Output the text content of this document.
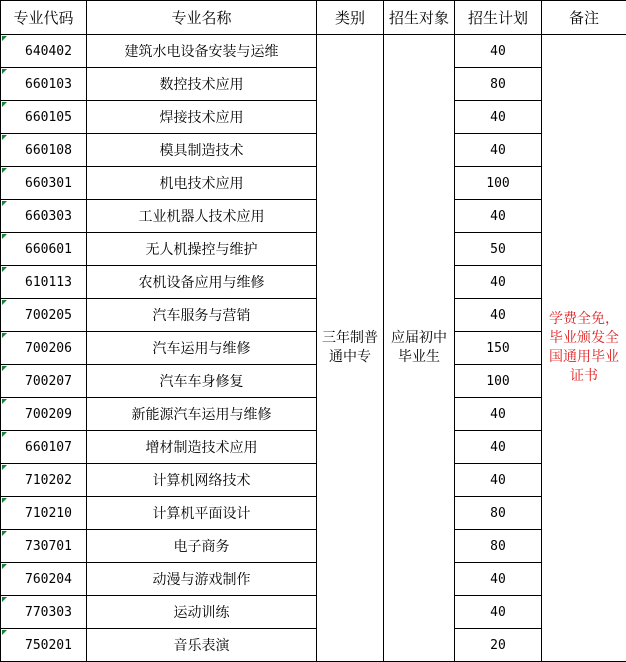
专业代码	专业名称	类别	招生对象	招生计划	备注
640402	建筑水电设备安装与运维	三年制普通中专	应届初中毕业生	40	学费全免，毕业颁发全国通用毕业证书
660103	数控技术应用			80	
660105	焊接技术应用			40	
660108	模具制造技术			40	
660301	机电技术应用			100	
660303	工业机器人技术应用			40	
660601	无人机操控与维护			50	
610113	农机设备应用与维修			40	
700205	汽车服务与营销			40	
700206	汽车运用与维修			150	
700207	汽车车身修复			100	
700209	新能源汽车运用与维修			40	
660107	增材制造技术应用			40	
710202	计算机网络技术			40	
710210	计算机平面设计			80	
730701	电子商务			80	
760204	动漫与游戏制作			40	
770303	运动训练			40	
750201	音乐表演			20	
